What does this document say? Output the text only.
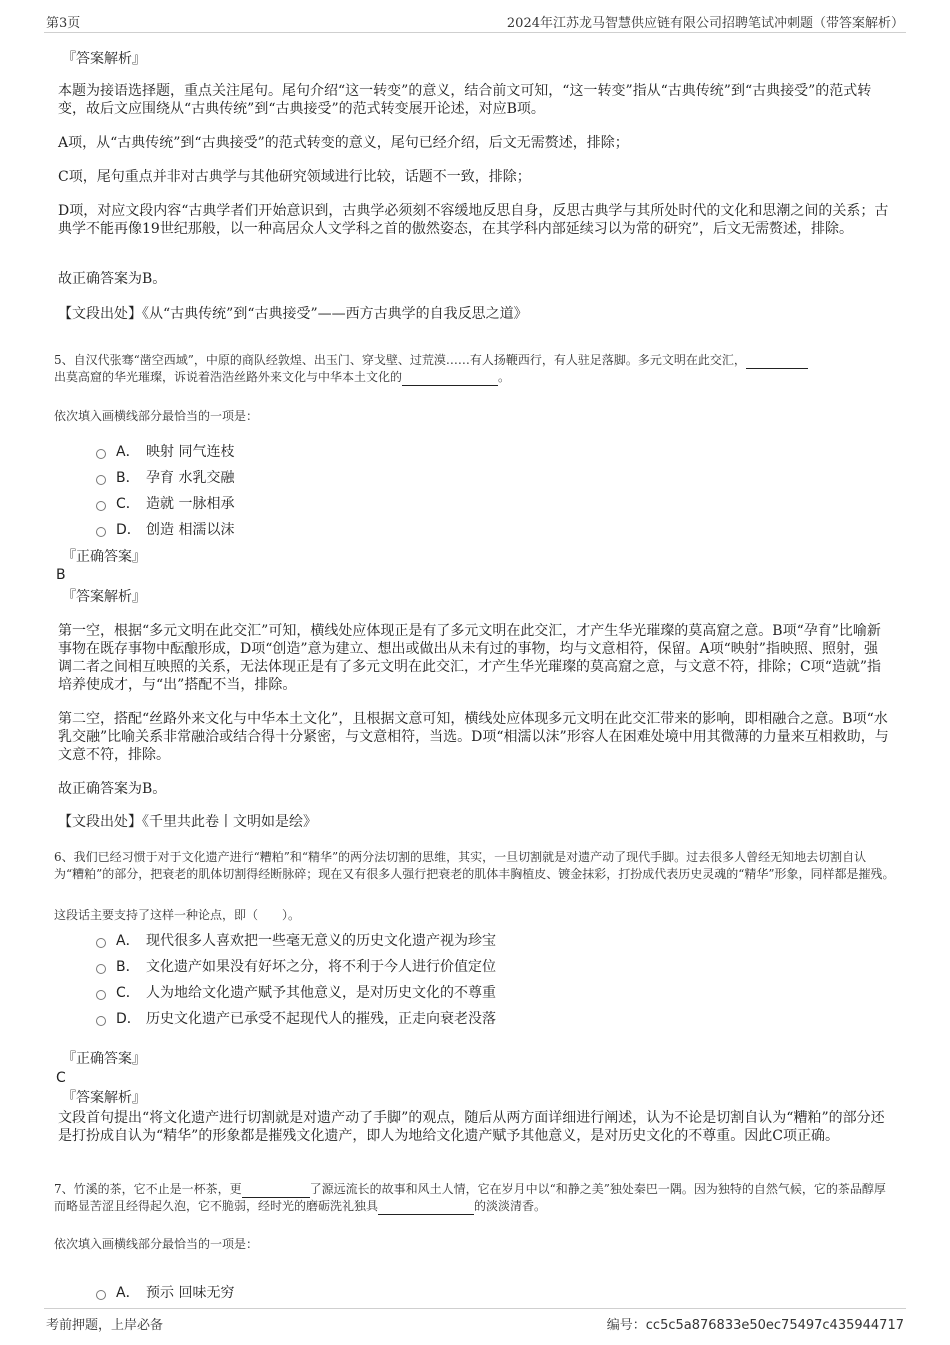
第3页	2024年江苏龙马智慧供应链有限公司招聘笔试冲刺题（带答案解析）
『答案解析』
本题为接语选择题，重点关注尾句。尾句介绍“这一转变”的意义，结合前文可知，“这一转变”指从“古典传统”到“古典接受”的范式转变，故后文应围绕从“古典传统”到“古典接受”的范式转变展开论述，对应B项。
A项，从“古典传统”到“古典接受”的范式转变的意义，尾句已经介绍，后文无需赘述，排除；
C项，尾句重点并非对古典学与其他研究领域进行比较，话题不一致，排除；
D项，对应文段内容“古典学者们开始意识到，古典学必须刻不容缓地反思自身，反思古典学与其所处时代的文化和思潮之间的关系；古典学不能再像19世纪那般，以一种高居众人文学科之首的傲然姿态，在其学科内部延续习以为常的研究”，后文无需赘述，排除。
故正确答案为B。
【文段出处】《从“古典传统”到“古典接受”——西方古典学的自我反思之道》
5、自汉代张骞“凿空西域”，中原的商队经敦煌、出玉门、穿戈壁、过荒漠……有人扬鞭西行，有人驻足落脚。多元文明在此交汇，
出莫高窟的华光璀璨，诉说着浩浩丝路外来文化与中华本土文化的	。
依次填入画横线部分最恰当的一项是：
A． 映射 同气连枝
B． 孕育 水乳交融
C． 造就 一脉相承
D． 创造 相濡以沫
『正确答案』
B
『答案解析』
第一空，根据“多元文明在此交汇”可知，横线处应体现正是有了多元文明在此交汇，才产生华光璀璨的莫高窟之意。B项“孕育”比喻新事物在既存事物中酝酿形成，D项“创造”意为建立、想出或做出从未有过的事物，均与文意相符，保留。A项“映射”指映照、照射，强调二者之间相互映照的关系，无法体现正是有了多元文明在此交汇，才产生华光璀璨的莫高窟之意，与文意不符，排除；C项“造就”指培养使成才，与“出”搭配不当，排除。
第二空，搭配“丝路外来文化与中华本土文化”，且根据文意可知，横线处应体现多元文明在此交汇带来的影响，即相融合之意。B项“水乳交融”比喻关系非常融洽或结合得十分紧密，与文意相符，当选。D项“相濡以沫”形容人在困难处境中用其微薄的力量来互相救助，与文意不符，排除。
故正确答案为B。
【文段出处】《千里共此卷丨文明如是绘》
6、我们已经习惯于对于文化遗产进行“糟粕”和“精华”的两分法切割的思维，其实，一旦切割就是对遗产动了现代手脚。过去很多人曾经无知地去切割自认为“糟粕”的部分，把衰老的肌体切割得经断脉碎；现在又有很多人强行把衰老的肌体丰胸植皮、镀金抹彩，打扮成代表历史灵魂的“精华”形象，同样都是摧残。
这段话主要支持了这样一种论点，即（　　）。
A． 现代很多人喜欢把一些毫无意义的历史文化遗产视为珍宝
B． 文化遗产如果没有好坏之分，将不利于今人进行价值定位
C． 人为地给文化遗产赋予其他意义，是对历史文化的不尊重
D． 历史文化遗产已承受不起现代人的摧残，正走向衰老没落
『正确答案』
C
『答案解析』
文段首句提出“将文化遗产进行切割就是对遗产动了手脚”的观点，随后从两方面详细进行阐述，认为不论是切割自认为“糟粕”的部分还是打扮成自认为“精华”的形象都是摧残文化遗产，即人为地给文化遗产赋予其他意义，是对历史文化的不尊重。因此C项正确。
7、竹溪的茶，它不止是一杯茶，更	了源远流长的故事和风土人情，它在岁月中以“和静之美”独处秦巴一隅。因为独特的自然气候，它的茶品醇厚而略显苦涩且经得起久泡，它不脆弱，经时光的磨砺洗礼独具	的淡淡清香。
依次填入画横线部分最恰当的一项是：
A． 预示 回味无穷
考前押题，上岸必备	编号：cc5c5a876833e50ec75497c435944717
